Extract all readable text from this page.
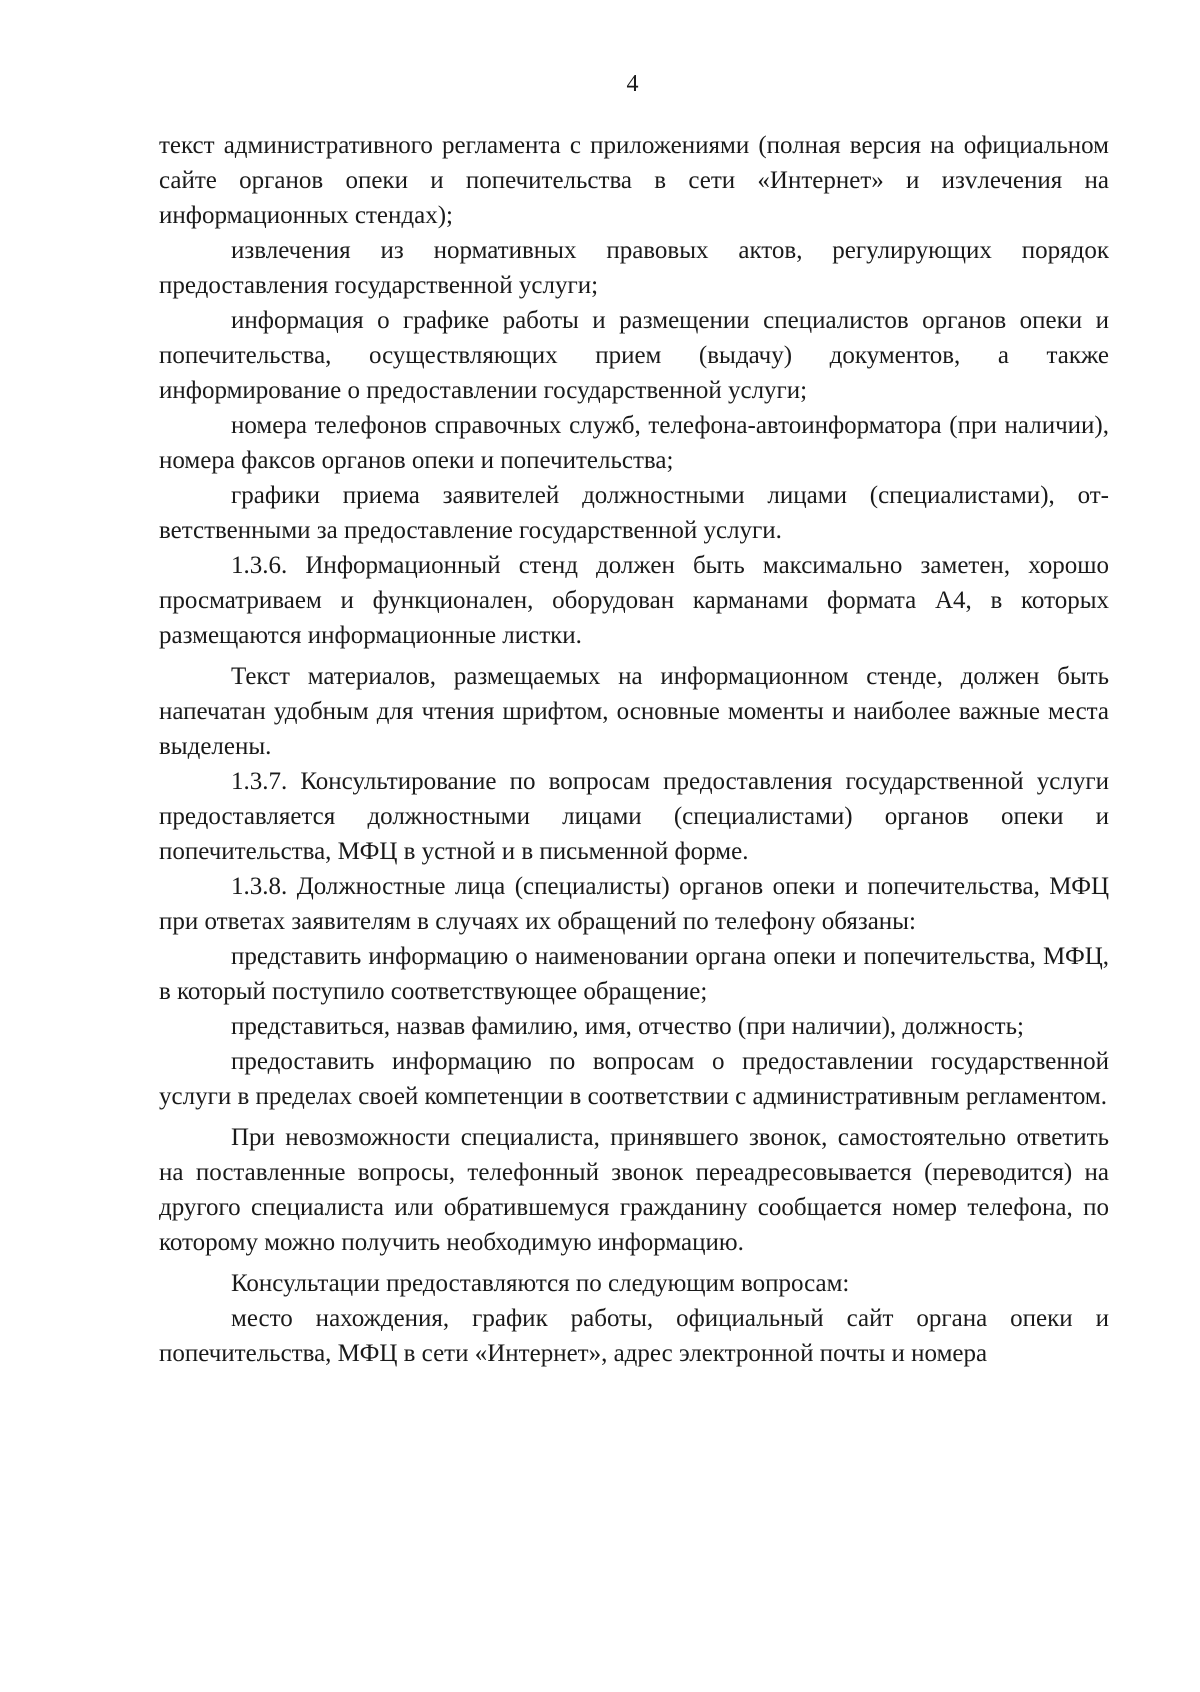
4

текст административного регламента с приложениями (полная версия на официальном сайте органов опеки и попечительства в сети «Интернет» и изvлечения на информационных стендах);

извлечения из нормативных правовых актов, регулирующих порядок предоставления государственной услуги;

информация о графике работы и размещении специалистов органов опеки и попечительства, осуществляющих прием (выдачу) документов, а также информирование о предоставлении государственной услуги;

номера телефонов справочных служб, телефона-автоинформатора (при наличии), номера факсов органов опеки и попечительства;

графики приема заявителей должностными лицами (специалистами), ответственными за предоставление государственной услуги.

1.3.6. Информационный стенд должен быть максимально заметен, хорошо просматриваем и функционален, оборудован карманами формата А4, в которых размещаются информационные листки.

Текст материалов, размещаемых на информационном стенде, должен быть напечатан удобным для чтения шрифтом, основные моменты и наиболее важные места выделены.

1.3.7. Консультирование по вопросам предоставления государственной услуги предоставляется должностными лицами (специалистами) органов опеки и попечительства, МФЦ в устной и в письменной форме.

1.3.8. Должностные лица (специалисты) органов опеки и попечительства, МФЦ при ответах заявителям в случаях их обращений по телефону обязаны:

представить информацию о наименовании органа опеки и попечительства, МФЦ, в который поступило соответствующее обращение;

представиться, назвав фамилию, имя, отчество (при наличии), должность;

предоставить информацию по вопросам о предоставлении государственной услуги в пределах своей компетенции в соответствии с административным регламентом.

При невозможности специалиста, принявшего звонок, самостоятельно ответить на поставленные вопросы, телефонный звонок переадресовывается (переводится) на другого специалиста или обратившемуся гражданину сообщается номер телефона, по которому можно получить необходимую информацию.

Консультации предоставляются по следующим вопросам:

место нахождения, график работы, официальный сайт органа опеки и попечительства, МФЦ в сети «Интернет», адрес электронной почты и номера
